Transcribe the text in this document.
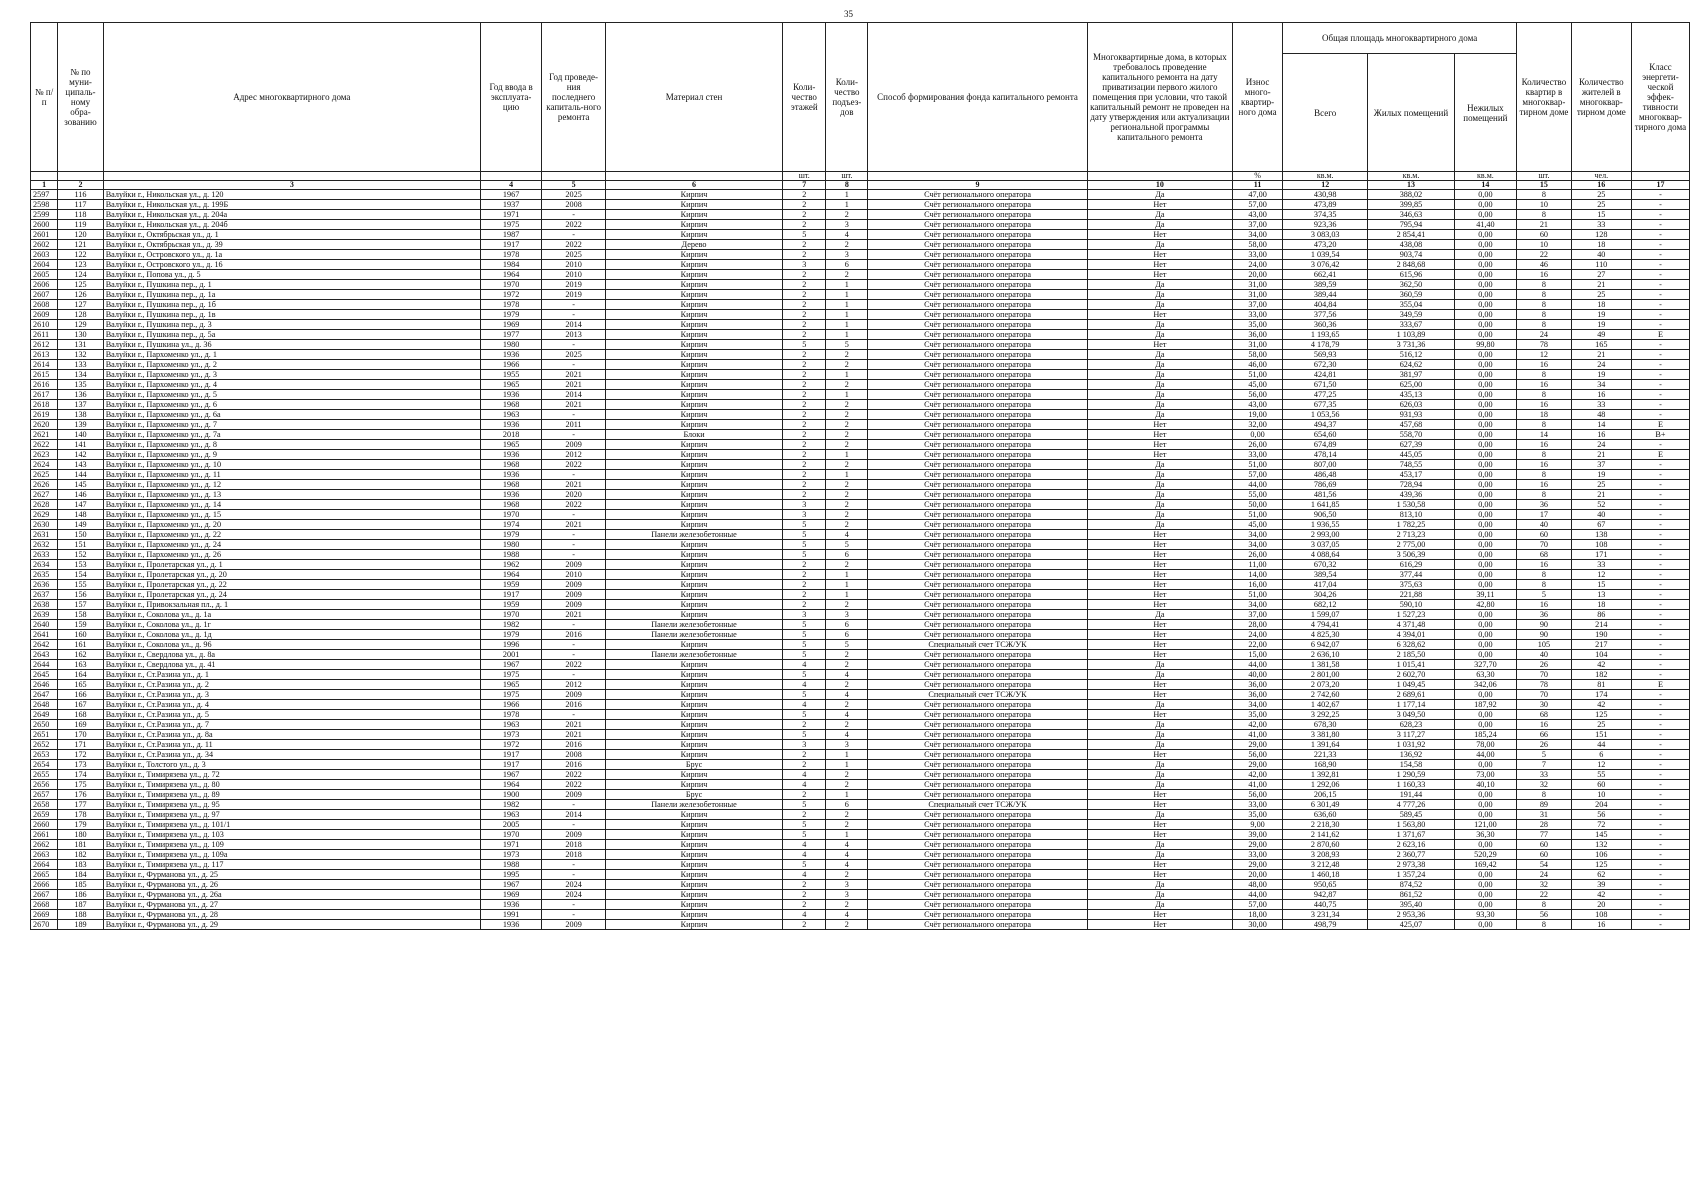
35
№ п/п	№ по муни-ципаль-ному обра-зованию	Адрес многоквартирного дома	Год ввода в эксплуата-цию	Год проведе-ния последнего капиталь-ного ремонта	Материал стен	Коли-чество этажей	Коли-чество подъез-дов	Способ формирования фонда капитального ремонта	Многоквартирные дома, в которых требовалось проведение капитального ремонта на дату приватизации первого жилого помещения при условии, что такой капитальный ремонт не проведен на дату утверждения или актуализации региональной программы капитального ремонта	Износ много-квартир-ного дома	Общая площадь многоквартирного дома			Количество квартир в многоквар-тирном доме	Количество жителей в многоквар-тирном доме	Класс энергети-ческой эффек-тивности многоквар-тирного дома
											Всего	Жилых помещений	Нежилых помещений			
						шт.	шт.			%	кв.м.	кв.м.	кв.м.	шт.	чел.	
1	2	3	4	5	6	7	8	9	10	11	12	13	14	15	16	17
2597	116	Валуйки г., Никольская ул., д. 120	1967	2025	Кирпич	2	1	Счёт регионального оператора	Да	47,00	430,98	388,02	0,00	8	25	-
2598	117	Валуйки г., Никольская ул., д. 199Б	1937	2008	Кирпич	2	1	Счёт регионального оператора	Нет	57,00	473,89	399,85	0,00	10	25	-
2599	118	Валуйки г., Никольская ул., д. 204а	1971	-	Кирпич	2	2	Счёт регионального оператора	Да	43,00	374,35	346,63	0,00	8	15	-
2600	119	Валуйки г., Никольская ул., д. 204б	1975	2022	Кирпич	2	3	Счёт регионального оператора	Да	37,00	923,36	795,94	41,40	21	33	-
2601	120	Валуйки г., Октябрьская ул., д. 1	1987	-	Кирпич	5	4	Счёт регионального оператора	Нет	34,00	3 083,03	2 854,41	0,00	60	128	-
2602	121	Валуйки г., Октябрьская ул., д. 39	1917	2022	Дерево	2	2	Счёт регионального оператора	Да	58,00	473,20	438,08	0,00	10	18	-
2603	122	Валуйки г., Островского ул., д. 1а	1978	2025	Кирпич	2	3	Счёт регионального оператора	Нет	33,00	1 039,54	903,74	0,00	22	40	-
2604	123	Валуйки г., Островского ул., д. 16	1984	2010	Кирпич	3	6	Счёт регионального оператора	Нет	24,00	3 076,42	2 848,68	0,00	46	110	-
2605	124	Валуйки г., Попова ул., д. 5	1964	2010	Кирпич	2	2	Счёт регионального оператора	Нет	20,00	662,41	615,96	0,00	16	27	-
2606	125	Валуйки г., Пушкина пер., д. 1	1970	2019	Кирпич	2	1	Счёт регионального оператора	Да	31,00	389,59	362,50	0,00	8	21	-
2607	126	Валуйки г., Пушкина пер., д. 1а	1972	2019	Кирпич	2	1	Счёт регионального оператора	Да	31,00	389,44	360,59	0,00	8	25	-
2608	127	Валуйки г., Пушкина пер., д. 1б	1978	-	Кирпич	2	1	Счёт регионального оператора	Да	37,00	404,84	355,04	0,00	8	18	-
2609	128	Валуйки г., Пушкина пер., д. 1в	1979	-	Кирпич	2	1	Счёт регионального оператора	Нет	33,00	377,56	349,59	0,00	8	19	-
2610	129	Валуйки г., Пушкина пер., д. 3	1969	2014	Кирпич	2	1	Счёт регионального оператора	Да	35,00	360,36	333,67	0,00	8	19	-
2611	130	Валуйки г., Пушкина пер., д. 5а	1977	2013	Кирпич	2	1	Счёт регионального оператора	Да	36,00	1 193,65	1 103,89	0,00	24	49	E
2612	131	Валуйки г., Пушкина ул., д. 36	1980	-	Кирпич	5	5	Счёт регионального оператора	Нет	31,00	4 178,79	3 731,36	99,80	78	165	-
2613	132	Валуйки г., Пархоменко ул., д. 1	1936	2025	Кирпич	2	2	Счёт регионального оператора	Да	58,00	569,93	516,12	0,00	12	21	-
2614	133	Валуйки г., Пархоменко ул., д. 2	1966	-	Кирпич	2	2	Счёт регионального оператора	Да	46,00	672,30	624,62	0,00	16	24	-
2615	134	Валуйки г., Пархоменко ул., д. 3	1955	2021	Кирпич	2	1	Счёт регионального оператора	Да	51,00	424,81	381,97	0,00	8	19	-
2616	135	Валуйки г., Пархоменко ул., д. 4	1965	2021	Кирпич	2	2	Счёт регионального оператора	Да	45,00	671,50	625,00	0,00	16	34	-
2617	136	Валуйки г., Пархоменко ул., д. 5	1936	2014	Кирпич	2	1	Счёт регионального оператора	Да	56,00	477,25	435,13	0,00	8	16	-
2618	137	Валуйки г., Пархоменко ул., д. 6	1968	2021	Кирпич	2	2	Счёт регионального оператора	Да	43,00	677,35	626,03	0,00	16	33	-
2619	138	Валуйки г., Пархоменко ул., д. 6а	1963	-	Кирпич	2	2	Счёт регионального оператора	Да	19,00	1 053,56	931,93	0,00	18	48	-
2620	139	Валуйки г., Пархоменко ул., д. 7	1936	2011	Кирпич	2	2	Счёт регионального оператора	Нет	32,00	494,37	457,68	0,00	8	14	E
2621	140	Валуйки г., Пархоменко ул., д. 7а	2018	-	Блоки	2	2	Счёт регионального оператора	Нет	0,00	654,60	558,70	0,00	14	16	B+
2622	141	Валуйки г., Пархоменко ул., д. 8	1965	2009	Кирпич	2	2	Счёт регионального оператора	Нет	26,00	674,89	627,39	0,00	16	24	-
2623	142	Валуйки г., Пархоменко ул., д. 9	1936	2012	Кирпич	2	1	Счёт регионального оператора	Нет	33,00	478,14	445,05	0,00	8	21	E
2624	143	Валуйки г., Пархоменко ул., д. 10	1968	2022	Кирпич	2	2	Счёт регионального оператора	Да	51,00	807,00	748,55	0,00	16	37	-
2625	144	Валуйки г., Пархоменко ул., д. 11	1936	-	Кирпич	2	1	Счёт регионального оператора	Да	57,00	486,48	453,17	0,00	8	19	-
2626	145	Валуйки г., Пархоменко ул., д. 12	1968	2021	Кирпич	2	2	Счёт регионального оператора	Да	44,00	786,69	728,94	0,00	16	25	-
2627	146	Валуйки г., Пархоменко ул., д. 13	1936	2020	Кирпич	2	2	Счёт регионального оператора	Да	55,00	481,56	439,36	0,00	8	21	-
2628	147	Валуйки г., Пархоменко ул., д. 14	1968	2022	Кирпич	3	2	Счёт регионального оператора	Да	50,00	1 641,85	1 530,58	0,00	36	52	-
2629	148	Валуйки г., Пархоменко ул., д. 15	1970	-	Кирпич	3	2	Счёт регионального оператора	Да	51,00	906,50	813,10	0,00	17	40	-
2630	149	Валуйки г., Пархоменко ул., д. 20	1974	2021	Кирпич	5	2	Счёт регионального оператора	Да	45,00	1 936,55	1 782,25	0,00	40	67	-
2631	150	Валуйки г., Пархоменко ул., д. 22	1979	-	Панели железобетонные	5	4	Счёт регионального оператора	Нет	34,00	2 993,00	2 713,23	0,00	60	138	-
2632	151	Валуйки г., Пархоменко ул., д. 24	1980	-	Кирпич	5	5	Счёт регионального оператора	Нет	34,00	3 037,05	2 775,00	0,00	70	108	-
2633	152	Валуйки г., Пархоменко ул., д. 26	1988	-	Кирпич	5	6	Счёт регионального оператора	Нет	26,00	4 088,64	3 506,39	0,00	68	171	-
2634	153	Валуйки г., Пролетарская ул., д. 1	1962	2009	Кирпич	2	2	Счёт регионального оператора	Нет	11,00	670,32	616,29	0,00	16	33	-
2635	154	Валуйки г., Пролетарская ул., д. 20	1964	2010	Кирпич	2	1	Счёт регионального оператора	Нет	14,00	389,54	377,44	0,00	8	12	-
2636	155	Валуйки г., Пролетарская ул., д. 22	1959	2009	Кирпич	2	1	Счёт регионального оператора	Нет	16,00	417,04	375,63	0,00	8	15	-
2637	156	Валуйки г., Пролетарская ул., д. 24	1917	2009	Кирпич	2	1	Счёт регионального оператора	Нет	51,00	304,26	221,88	39,11	5	13	-
2638	157	Валуйки г., Привокзальная пл., д. 1	1959	2009	Кирпич	2	2	Счёт регионального оператора	Нет	34,00	682,12	590,10	42,80	16	18	-
2639	158	Валуйки г., Соколова ул., д. 1а	1970	2021	Кирпич	3	3	Счёт регионального оператора	Да	37,00	1 599,07	1 527,23	0,00	36	86	-
2640	159	Валуйки г., Соколова ул., д. 1г	1982	-	Панели железобетонные	5	6	Счёт регионального оператора	Нет	28,00	4 794,41	4 371,48	0,00	90	214	-
2641	160	Валуйки г., Соколова ул., д. 1д	1979	2016	Панели железобетонные	5	6	Счёт регионального оператора	Нет	24,00	4 825,30	4 394,01	0,00	90	190	-
2642	161	Валуйки г., Соколова ул., д. 96	1996	-	Кирпич	5	5	Специальный счет ТСЖ/УК	Нет	22,00	6 942,07	6 328,62	0,00	105	217	-
2643	162	Валуйки г., Свердлова ул., д. 8а	2001	-	Панели железобетонные	5	2	Счёт регионального оператора	Нет	15,00	2 636,10	2 185,50	0,00	40	104	-
2644	163	Валуйки г., Свердлова ул., д. 41	1967	2022	Кирпич	4	2	Счёт регионального оператора	Да	44,00	1 381,58	1 015,41	327,70	26	42	-
2645	164	Валуйки г., Ст.Разина ул., д. 1	1975	-	Кирпич	5	4	Счёт регионального оператора	Да	40,00	2 801,00	2 602,70	63,30	70	182	-
2646	165	Валуйки г., Ст.Разина ул., д. 2	1965	2012	Кирпич	4	2	Счёт регионального оператора	Нет	36,00	2 073,20	1 049,45	342,06	78	81	E
2647	166	Валуйки г., Ст.Разина ул., д. 3	1975	2009	Кирпич	5	4	Специальный счет ТСЖ/УК	Нет	36,00	2 742,60	2 689,61	0,00	70	174	-
2648	167	Валуйки г., Ст.Разина ул., д. 4	1966	2016	Кирпич	4	2	Счёт регионального оператора	Да	34,00	1 402,67	1 177,14	187,92	30	42	-
2649	168	Валуйки г., Ст.Разина ул., д. 5	1978	-	Кирпич	5	4	Счёт регионального оператора	Нет	35,00	3 292,25	3 049,50	0,00	68	125	-
2650	169	Валуйки г., Ст.Разина ул., д. 7	1963	2021	Кирпич	2	2	Счёт регионального оператора	Да	42,00	678,30	628,23	0,00	16	25	-
2651	170	Валуйки г., Ст.Разина ул., д. 8а	1973	2021	Кирпич	5	4	Счёт регионального оператора	Да	41,00	3 381,80	3 117,27	185,24	66	151	-
2652	171	Валуйки г., Ст.Разина ул., д. 11	1972	2016	Кирпич	3	3	Счёт регионального оператора	Да	29,00	1 391,64	1 031,92	78,00	26	44	-
2653	172	Валуйки г., Ст.Разина ул., д. 34	1917	2008	Кирпич	2	1	Счёт регионального оператора	Нет	56,00	221,33	136,92	44,00	5	6	-
2654	173	Валуйки г., Толстого ул., д. 3	1917	2016	Брус	2	1	Счёт регионального оператора	Да	29,00	168,90	154,58	0,00	7	12	-
2655	174	Валуйки г., Тимирязева ул., д. 72	1967	2022	Кирпич	4	2	Счёт регионального оператора	Да	42,00	1 392,81	1 290,59	73,00	33	55	-
2656	175	Валуйки г., Тимирязева ул., д. 80	1964	2022	Кирпич	4	2	Счёт регионального оператора	Да	41,00	1 292,06	1 160,33	40,10	32	60	-
2657	176	Валуйки г., Тимирязева ул., д. 89	1900	2009	Брус	2	1	Счёт регионального оператора	Нет	56,00	206,15	191,44	0,00	8	10	-
2658	177	Валуйки г., Тимирязева ул., д. 95	1982	-	Панели железобетонные	5	6	Специальный счет ТСЖ/УК	Нет	33,00	6 301,49	4 777,26	0,00	89	204	-
2659	178	Валуйки г., Тимирязева ул., д. 97	1963	2014	Кирпич	2	2	Счёт регионального оператора	Да	35,00	636,60	589,45	0,00	31	56	-
2660	179	Валуйки г., Тимирязева ул., д. 101/1	2005	-	Кирпич	5	2	Счёт регионального оператора	Нет	9,00	2 218,30	1 563,80	121,00	28	72	-
2661	180	Валуйки г., Тимирязева ул., д. 103	1970	2009	Кирпич	5	1	Счёт регионального оператора	Нет	39,00	2 141,62	1 371,67	36,30	77	145	-
2662	181	Валуйки г., Тимирязева ул., д. 109	1971	2018	Кирпич	4	4	Счёт регионального оператора	Да	29,00	2 870,60	2 623,16	0,00	60	132	-
2663	182	Валуйки г., Тимирязева ул., д. 109а	1973	2018	Кирпич	4	4	Счёт регионального оператора	Да	33,00	3 208,93	2 360,77	520,29	60	106	-
2664	183	Валуйки г., Тимирязева ул., д. 117	1988	-	Кирпич	5	4	Счёт регионального оператора	Нет	29,00	3 212,48	2 973,38	169,42	54	125	-
2665	184	Валуйки г., Фурманова ул., д. 25	1995	-	Кирпич	4	2	Счёт регионального оператора	Нет	20,00	1 460,18	1 357,24	0,00	24	62	-
2666	185	Валуйки г., Фурманова ул., д. 26	1967	2024	Кирпич	2	3	Счёт регионального оператора	Да	48,00	950,65	874,52	0,00	32	39	-
2667	186	Валуйки г., Фурманова ул., д. 26а	1969	2024	Кирпич	2	3	Счёт регионального оператора	Да	44,00	942,87	861,52	0,00	22	42	-
2668	187	Валуйки г., Фурманова ул., д. 27	1936	-	Кирпич	2	2	Счёт регионального оператора	Да	57,00	440,75	395,40	0,00	8	20	-
2669	188	Валуйки г., Фурманова ул., д. 28	1991	-	Кирпич	4	4	Счёт регионального оператора	Нет	18,00	3 231,34	2 953,36	93,30	56	108	-
2670	189	Валуйки г., Фурманова ул., д. 29	1936	2009	Кирпич	2	2	Счёт регионального оператора	Нет	30,00	498,79	425,07	0,00	8	16	-
